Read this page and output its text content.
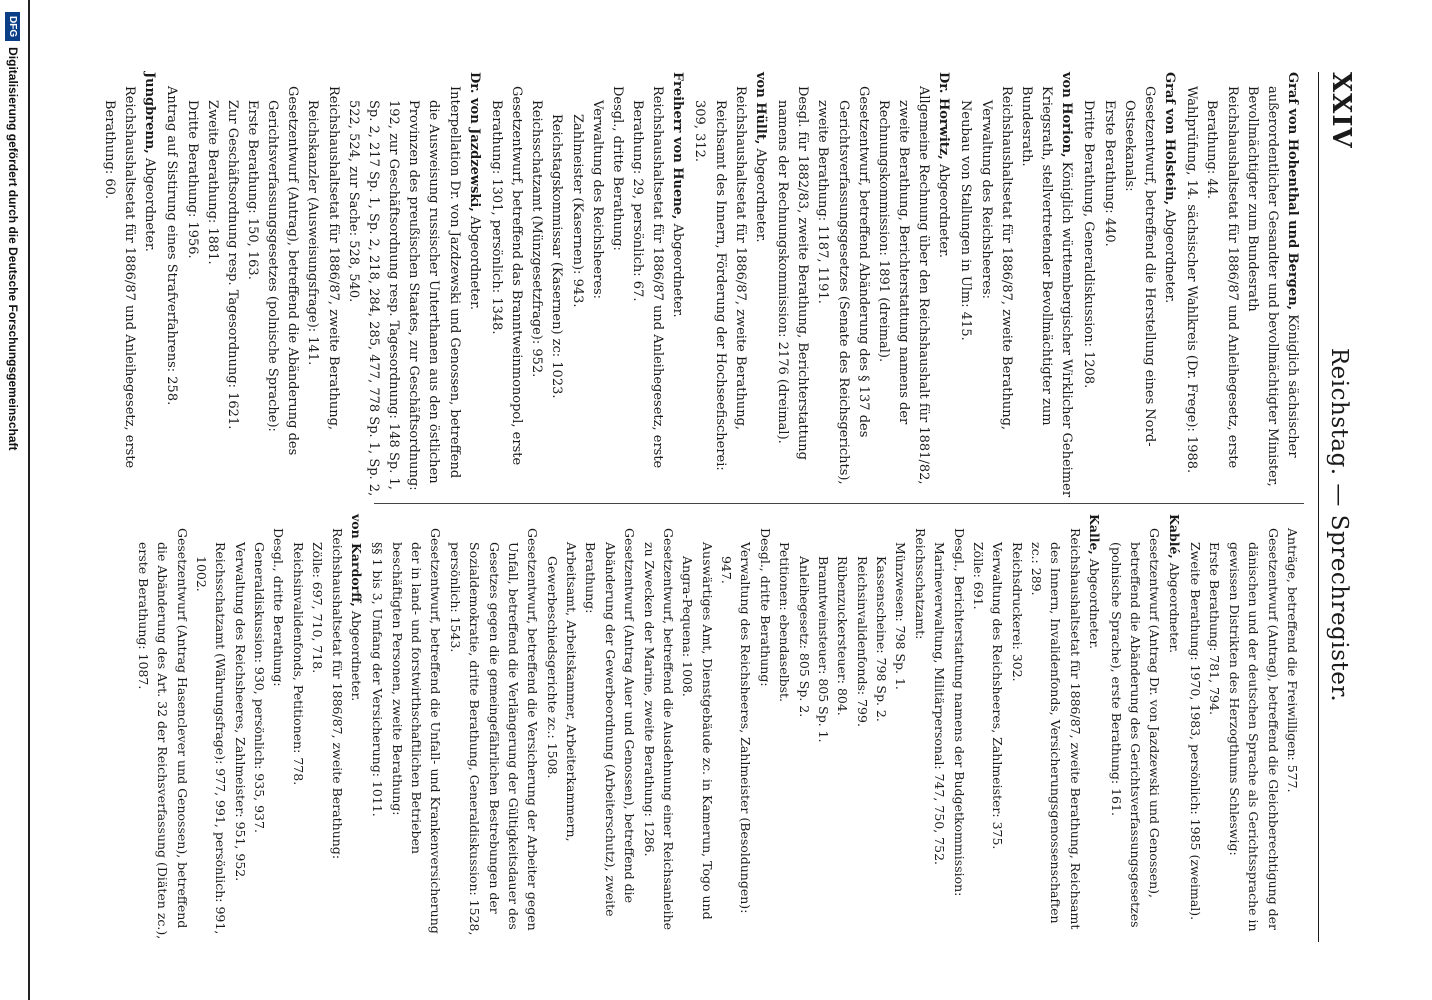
XXIV
Reichstag. — Sprechregister.
Graf von Hohenthal und Bergen, Königlich sächsischer außerordentlicher Gesandter und bevollmächtigter Minister, Bevollmächtigter zum Bundesrath
Reichshaushaltsetat für 1886/87 und Anleihegesetz, erste Berathung: 44.
Wahlprüfung, 14. sächsischer Wahlkreis (Dr. Frege): 1988.
Graf von Holstein, Abgeordneter.
Gesetzentwurf, betreffend die Herstellung eines Nord-Ostseekanals:
Erste Berathung: 440.
Dritte Berathung, Generaldiskussion: 1208.
von Horion, Königlich württembergischer Wirklicher Geheimer Kriegsrath, stellvertretender Bevollmächtigter zum Bundesrath.
Reichshaushaltsetat für 1886/87, zweite Berathung, Verwaltung des Reichsheeres:
Neubau von Stallungen in Ulm: 415.
Dr. Horwitz, Abgeordneter.
Allgemeine Rechnung über den Reichshaushalt für 1881/82, zweite Berathung, Berichterstattung namens der Rechnungskommission: 1891 (dreimal).
Gesetzentwurf, betreffend Abänderung des § 137 des Gerichtsverfassungsgesetzes (Senate des Reichsgerichts), zweite Berathung: 1187, 1191.
Desgl. für 1882/83, zweite Berathung, Berichterstattung namens der Rechnungskommission: 2176 (dreimal).
von Hüllt, Abgeordneter.
Reichshaushaltsetat für 1886/87, zweite Berathung, Reichsamt des Innern, Förderung der Hochseefischerei: 309, 312.
Freiherr von Huene, Abgeordneter.
Reichshaushaltsetat für 1886/87 und Anleihegesetz, erste Berathung: 29, persönlich: 67.
Desgl., dritte Berathung:
Verwaltung des Reichsheeres:
Zahlmeister (Kasernen): 943.
Reichstagskommissar (Kasernen) zc: 1023.
Reichsschatzamt (Münzgesetzfrage): 952.
Gesetzentwurf, betreffend das Branntweinmonopol, erste Berathung: 1301, persönlich: 1348.
Dr. von Jazdzewski, Abgeordneter.
Interpellation Dr. von Jazdzewski und Genossen, betreffend die Ausweisung russischer Unterthanen aus den östlichen Provinzen des preußischen Staates, zur Geschäftsordnung: 192, zur Geschäftsordnung resp. Tagesordnung: 148 Sp. 1, Sp. 2, 217 Sp. 1, Sp. 2, 218, 284, 285, 477, 778 Sp. 1, Sp. 2, 522, 524, zur Sache: 528, 540.
Reichshaushaltsetat für 1886/87, zweite Berathung, Reichskanzler (Ausweisungsfrage): 141.
Gesetzentwurf (Antrag), betreffend die Abänderung des Gerichtsverfassungsgesetzes (polnische Sprache):
Erste Berathung: 150, 163.
Zur Geschäftsordnung resp. Tagesordnung: 1621.
Zweite Berathung: 1881.
Dritte Berathung: 1956.
Antrag auf Sistirung eines Strafverfahrens: 258.
Jungbrenn, Abgeordneter.
Reichshaushaltsetat für 1886/87 und Anleihegesetz, erste Berathung: 60.
Anträge, betreffend die Freiwilligen: 577.
Gesetzentwurf (Antrag), betreffend die Gleichberechtigung der dänischen und der deutschen Sprache als Gerichtssprache in gewissen Distrikten des Herzogthums Schleswig:
Erste Berathung: 781, 794.
Zweite Berathung: 1970, 1983, persönlich: 1985 (zweimal).
Kablé, Abgeordneter.
Gesetzentwurf (Antrag Dr. von Jazdzewski und Genossen), betreffend die Abänderung des Gerichtsverfassungsgesetzes (polnische Sprache), erste Berathung: 161.
Kalle, Abgeordneter.
Reichshaushaltsetat für 1886/87, zweite Berathung, Reichsamt des Innern, Invalidenfonds, Versicherungsgenossenschaften zc.: 289.
Reichsdruckerei: 302.
Verwaltung des Reichsheeres, Zahlmeister: 375.
Zölle: 691.
Desgl., Berichterstattung namens der Budgetkommission: Marineverwaltung, Militärpersonal: 747, 750, 752.
Reichsschatzamt:
Münzwesen: 798 Sp. 1.
Kassenscheine: 798 Sp. 2.
Reichsinvalidenfonds: 799.
Rübenzuckersteuer: 804.
Branntweinsteuer: 805 Sp. 1.
Anleihegesetz: 805 Sp. 2.
Petitionen: ebendaselbst.
Desgl., dritte Berathung:
Verwaltung des Reichsheeres, Zahlmeister (Besoldungen): 947.
Auswärtiges Amt, Dienstgebäude zc. in Kamerun, Togo und Angra-Pequena: 1008.
Gesetzentwurf, betreffend die Ausdehnung einer Reichsanleihe zu Zwecken der Marine, zweite Berathung: 1286.
Gesetzentwurf (Antrag Auer und Genossen), betreffend die Abänderung der Gewerbeordnung (Arbeiterschutz), zweite Berathung:
Arbeitsamt, Arbeitskammer, Arbeiterkammern, Gewerbeschiedsgerichte zc.: 1508.
Gesetzentwurf, betreffend die Versicherung der Arbeiter gegen Unfall, betreffend die Verlängerung der Gültigkeitsdauer des Gesetzes gegen die gemeingefährlichen Bestrebungen der Sozialdemokratie, dritte Berathung, Generaldiskussion: 1528, persönlich: 1543.
Gesetzentwurf, betreffend die Unfall- und Krankenversicherung der in land- und forstwirthschaftlichen Betrieben beschäftigten Personen, zweite Berathung:
§§ 1 bis 3, Umfang der Versicherung: 1011.
von Kardorff, Abgeordneter.
Reichshaushaltsetat für 1886/87, zweite Berathung:
Zölle: 697, 710, 718.
Reichsinvalidenfonds, Petitionen: 778.
Desgl., dritte Berathung:
Generaldiskussion: 930, persönlich: 935, 937.
Verwaltung des Reichsheeres, Zahlmeister: 951, 952.
Reichsschatzamt (Währungsfrage): 977, 991, persönlich: 991, 1002.
Gesetzentwurf (Antrag Hasenclever und Genossen), betreffend die Abänderung des Art. 32 der Reichsverfassung (Diäten zc.), erste Berathung: 1087.
DFGDigitalisierung gefördert durch die Deutsche Forschungsgemeinschaft
